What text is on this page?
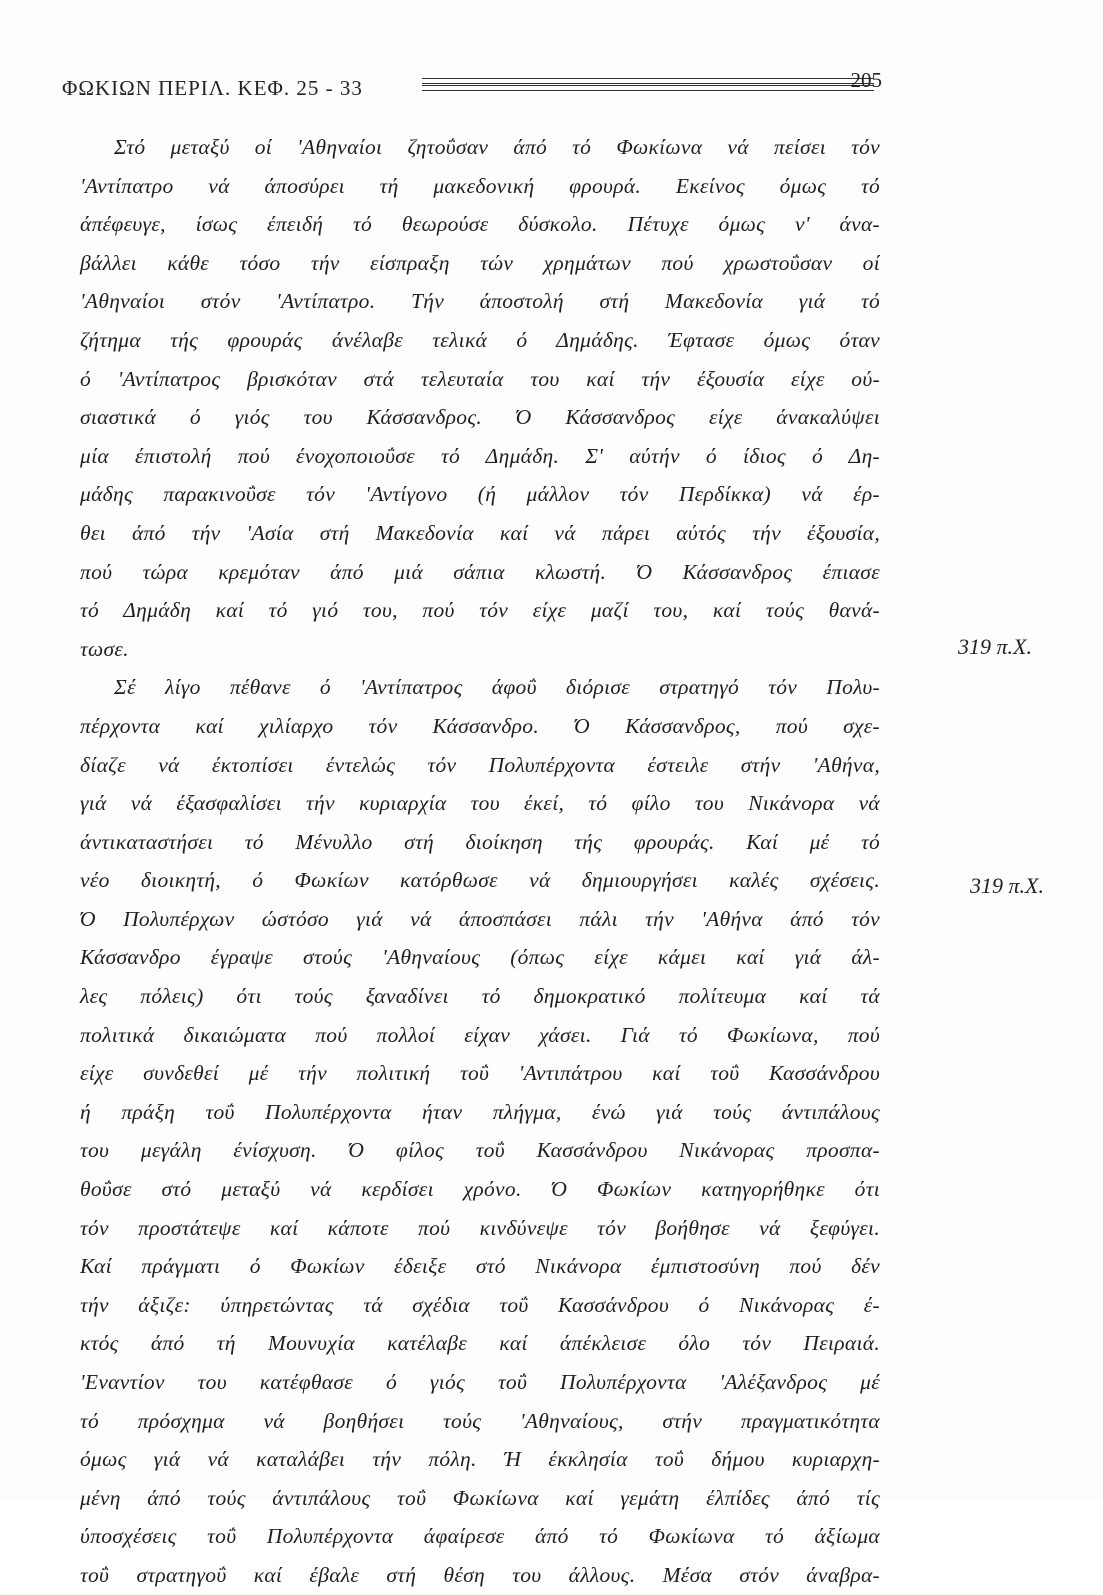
ΦΩΚΙΩΝ ΠΕΡΙΛ. ΚΕΦ. 25 - 33	205
Στό μεταξύ οί 'Αθηναίοι ζητοΰσαν άπό τό Φωκίωνα νά πείσει τόν
'Αντίπατρο νά άποσύρει τή μακεδονική φρουρά. Εκείνος όμως τό
άπέφευγε, ίσως έπειδή τό θεωρούσε δύσκολο. Πέτυχε όμως ν' άνα-
βάλλει κάθε τόσο τήν είσπραξη τών χρημάτων πού χρωστοΰσαν οί
'Αθηναίοι στόν 'Αντίπατρο. Τήν άποστολή στή Μακεδονία γιά τό
ζήτημα τής φρουράς άνέλαβε τελικά ό Δημάδης. Έφτασε όμως όταν
ό 'Αντίπατρος βρισκόταν στά τελευταία του καί τήν έξουσία είχε ού-
σιαστικά ό γιός του Κάσσανδρος. Ό Κάσσανδρος είχε άνακαλύψει
μία έπιστολή πού ένοχοποιοΰσε τό Δημάδη. Σ' αύτήν ό ίδιος ό Δη-
μάδης παρακινοΰσε τόν 'Αντίγονο (ή μάλλον τόν Περδίκκα) νά έρ-
θει άπό τήν 'Ασία στή Μακεδονία καί νά πάρει αύτός τήν έξουσία,
πού τώρα κρεμόταν άπό μιά σάπια κλωστή. Ό Κάσσανδρος έπιασε
τό Δημάδη καί τό γιό του, πού τόν είχε μαζί του, καί τούς θανά-
τωσε.
Σέ λίγο πέθανε ό 'Αντίπατρος άφοΰ διόρισε στρατηγό τόν Πολυ-
πέρχοντα καί χιλίαρχο τόν Κάσσανδρο. Ό Κάσσανδρος, πού σχε-
δίαζε νά έκτοπίσει έντελώς τόν Πολυπέρχοντα έστειλε στήν 'Αθήνα,
γιά νά έξασφαλίσει τήν κυριαρχία του έκεί, τό φίλο του Νικάνορα νά
άντικαταστήσει τό Μένυλλο στή διοίκηση τής φρουράς. Καί μέ τό
νέο διοικητή, ό Φωκίων κατόρθωσε νά δημιουργήσει καλές σχέσεις.
Ό Πολυπέρχων ώστόσο γιά νά άποσπάσει πάλι τήν 'Αθήνα άπό τόν
Κάσσανδρο έγραψε στούς 'Αθηναίους (όπως είχε κάμει καί γιά άλ-
λες πόλεις) ότι τούς ξαναδίνει τό δημοκρατικό πολίτευμα καί τά
πολιτικά δικαιώματα πού πολλοί είχαν χάσει. Γιά τό Φωκίωνα, πού
είχε συνδεθεί μέ τήν πολιτική τοΰ 'Αντιπάτρου καί τοΰ Κασσάνδρου
ή πράξη τοΰ Πολυπέρχοντα ήταν πλήγμα, ένώ γιά τούς άντιπάλους
του μεγάλη ένίσχυση. Ό φίλος τοΰ Κασσάνδρου Νικάνορας προσπα-
θοΰσε στό μεταξύ νά κερδίσει χρόνο. Ό Φωκίων κατηγορήθηκε ότι
τόν προστάτεψε καί κάποτε πού κινδύνεψε τόν βοήθησε νά ξεφύγει.
Καί πράγματι ό Φωκίων έδειξε στό Νικάνορα έμπιστοσύνη πού δέν
τήν άξιζε: ύπηρετώντας τά σχέδια τοΰ Κασσάνδρου ό Νικάνορας έ-
κτός άπό τή Μουνυχία κατέλαβε καί άπέκλεισε όλο τόν Πειραιά.
'Εναντίον του κατέφθασε ό γιός τοΰ Πολυπέρχοντα 'Αλέξανδρος μέ
τό πρόσχημα νά βοηθήσει τούς 'Αθηναίους, στήν πραγματικότητα
όμως γιά νά καταλάβει τήν πόλη. Ή έκκλησία τοΰ δήμου κυριαρχη-
μένη άπό τούς άντιπάλους τοΰ Φωκίωνα καί γεμάτη έλπίδες άπό τίς
ύποσχέσεις τοΰ Πολυπέρχοντα άφαίρεσε άπό τό Φωκίωνα τό άξίωμα
τοΰ στρατηγοΰ καί έβαλε στή θέση του άλλους. Μέσα στόν άναβρα-
319 π.Χ.
319 π.Χ.
